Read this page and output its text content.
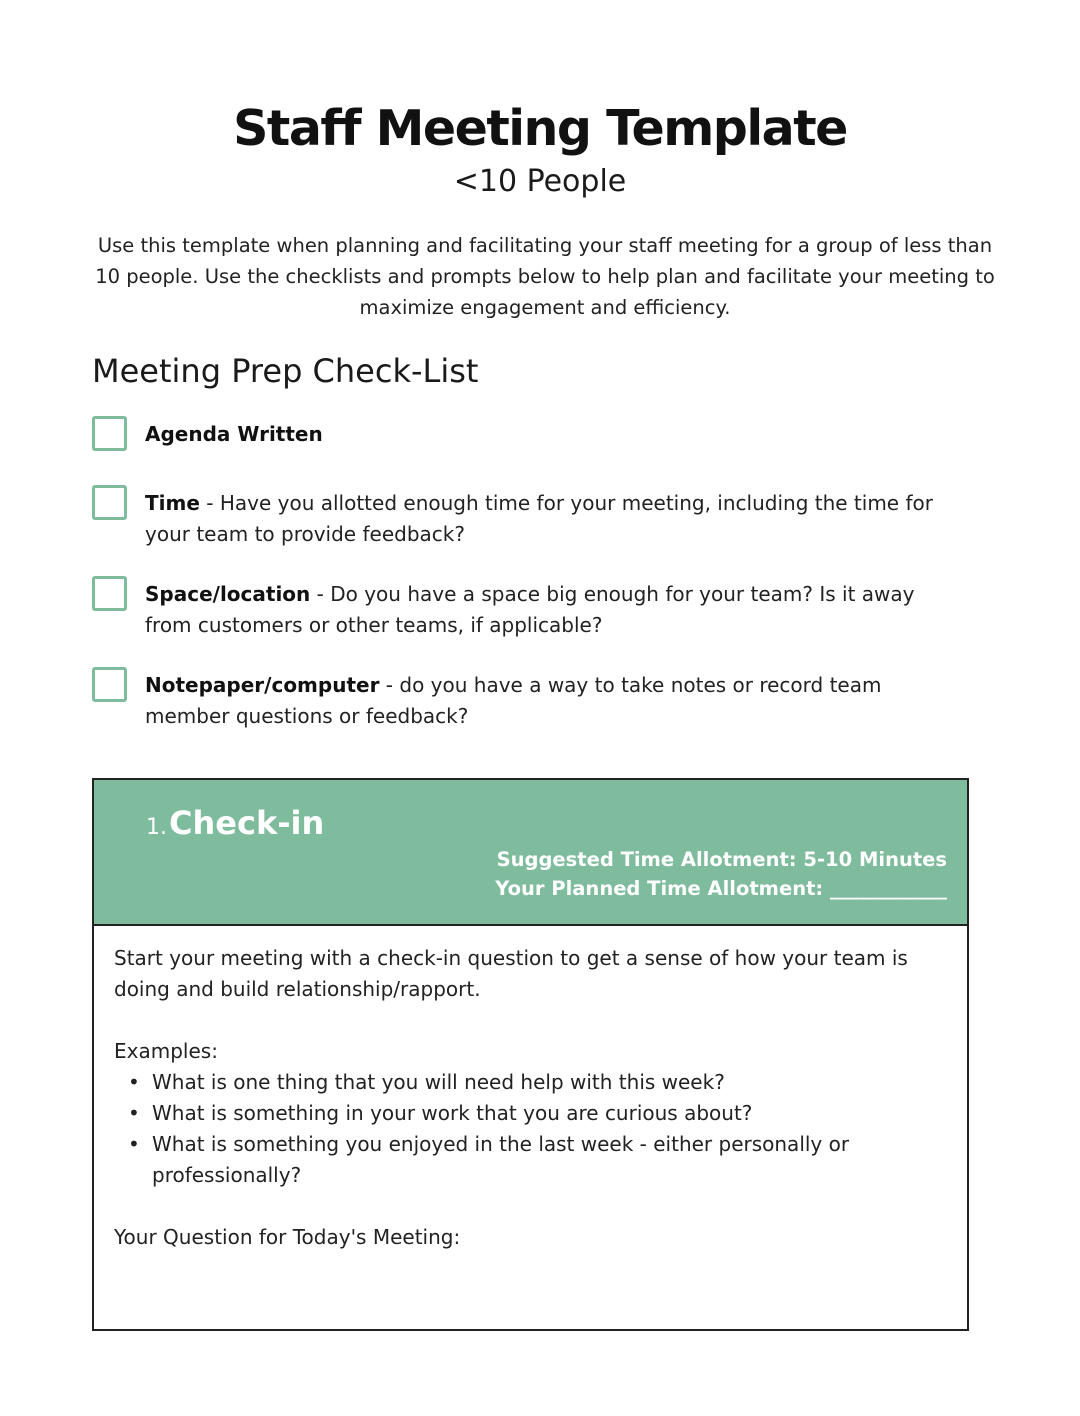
Staff Meeting Template
<10 People
Use this template when planning and facilitating your staff meeting for a group of less than 10 people. Use the checklists and prompts below to help plan and facilitate your meeting to maximize engagement and efficiency.
Meeting Prep Check-List
Agenda Written
Time - Have you allotted enough time for your meeting, including the time for your team to provide feedback?
Space/location - Do you have a space big enough for your team? Is it away from customers or other teams, if applicable?
Notepaper/computer - do you have a way to take notes or record team member questions or feedback?
1.Check-in
Suggested Time Allotment: 5-10 Minutes
Your Planned Time Allotment: ____________

Start your meeting with a check-in question to get a sense of how your team is doing and build relationship/rapport.

Examples:

• What is one thing that you will need help with this week?
• What is something in your work that you are curious about?
• What is something you enjoyed in the last week - either personally or professionally?

Your Question for Today's Meeting:
